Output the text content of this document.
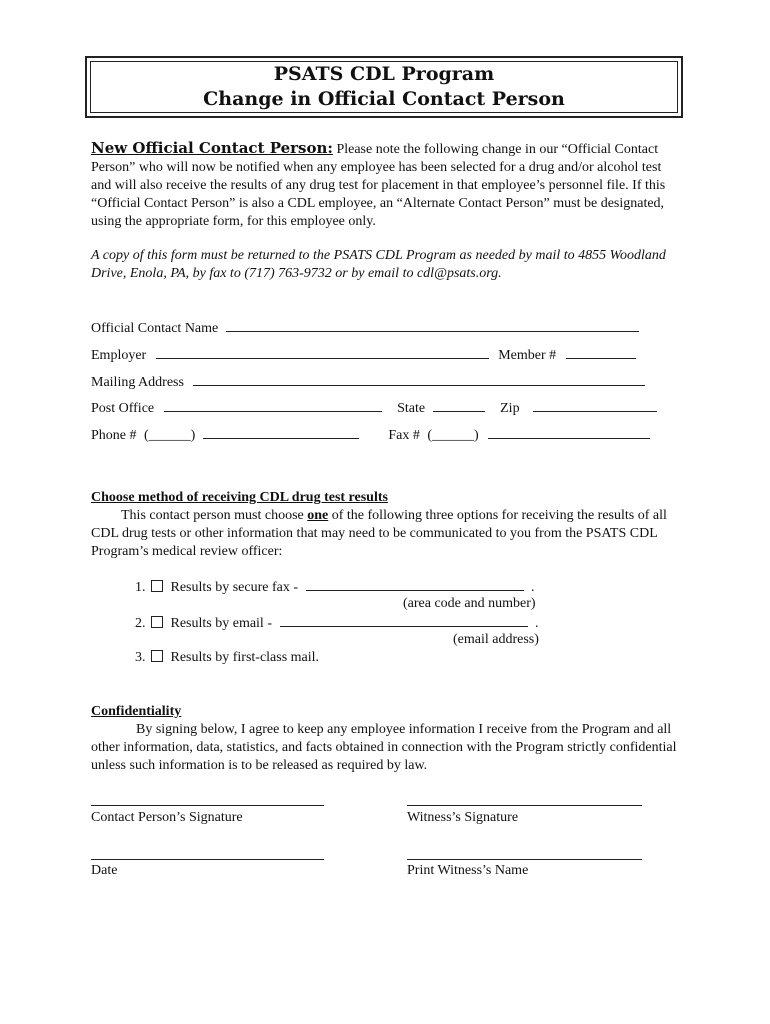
PSATS CDL Program
Change in Official Contact Person
New Official Contact Person: Please note the following change in our “Official Contact Person” who will now be notified when any employee has been selected for a drug and/or alcohol test and will also receive the results of any drug test for placement in that employee’s personnel file. If this “Official Contact Person” is also a CDL employee, an “Alternate Contact Person” must be designated, using the appropriate form, for this employee only.
A copy of this form must be returned to the PSATS CDL Program as needed by mail to 4855 Woodland Drive, Enola, PA, by fax to (717) 763-9732 or by email to cdl@psats.org.
Official Contact Name
Employer	Member #
Mailing Address
Post Office	State	Zip
Phone # (______)	Fax # (______)
Choose method of receiving CDL drug test results
This contact person must choose one of the following three options for receiving the results of all CDL drug tests or other information that may need to be communicated to you from the PSATS CDL Program’s medical review officer:
1. Results by secure fax -	.
(area code and number)
2. Results by email -	.
(email address)
3. Results by first-class mail.
Confidentiality
By signing below, I agree to keep any employee information I receive from the Program and all other information, data, statistics, and facts obtained in connection with the Program strictly confidential unless such information is to be released as required by law.
Contact Person’s Signature	Witness’s Signature
Date	Print Witness’s Name
